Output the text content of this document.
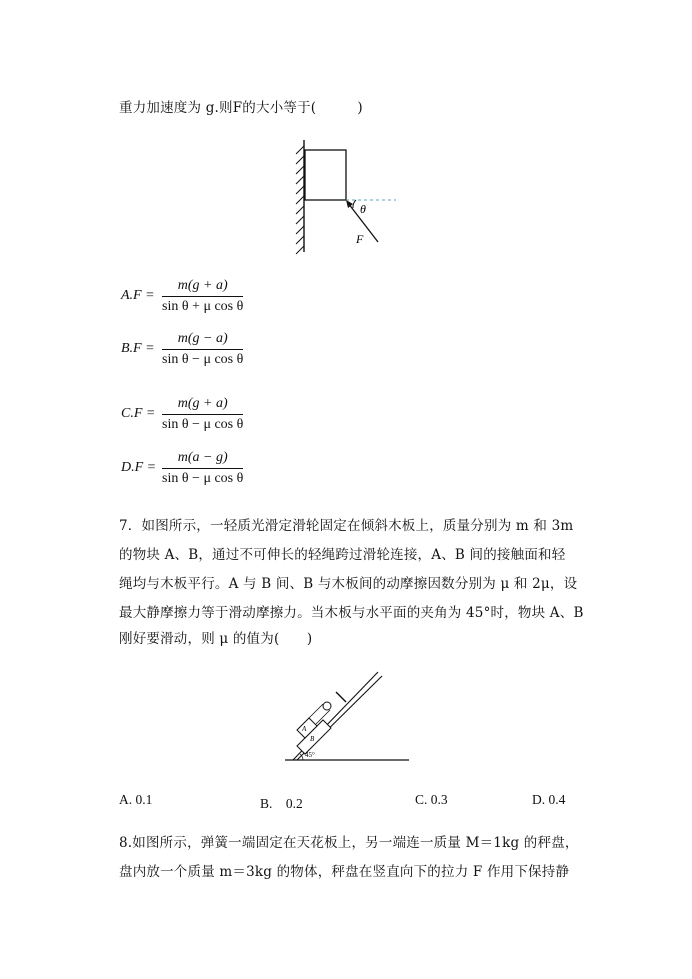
重力加速度为 g.则F的大小等于(　　　)
θ
F
A.F =
m(g + a)
sin θ + μ cos θ
B.F =
m(g − a)
sin θ − μ cos θ
C.F =
m(g + a)
sin θ − μ cos θ
D.F =
m(a − g)
sin θ − μ cos θ
7．如图所示，一轻质光滑定滑轮固定在倾斜木板上，质量分别为 m 和 3m
的物块 A、B，通过不可伸长的轻绳跨过滑轮连接，A、B 间的接触面和轻
绳均与木板平行。A 与 B 间、B 与木板间的动摩擦因数分别为 μ 和 2μ，设
最大静摩擦力等于滑动摩擦力。当木板与水平面的夹角为 45°时，物块 A、B
刚好要滑动，则 μ 的值为(　　)
A
B
45°
A. 0.1	B.　0.2	C. 0.3	D. 0.4
8.如图所示，弹簧一端固定在天花板上，另一端连一质量 M＝1kg 的秤盘，
盘内放一个质量 m＝3kg 的物体，秤盘在竖直向下的拉力 F 作用下保持静
